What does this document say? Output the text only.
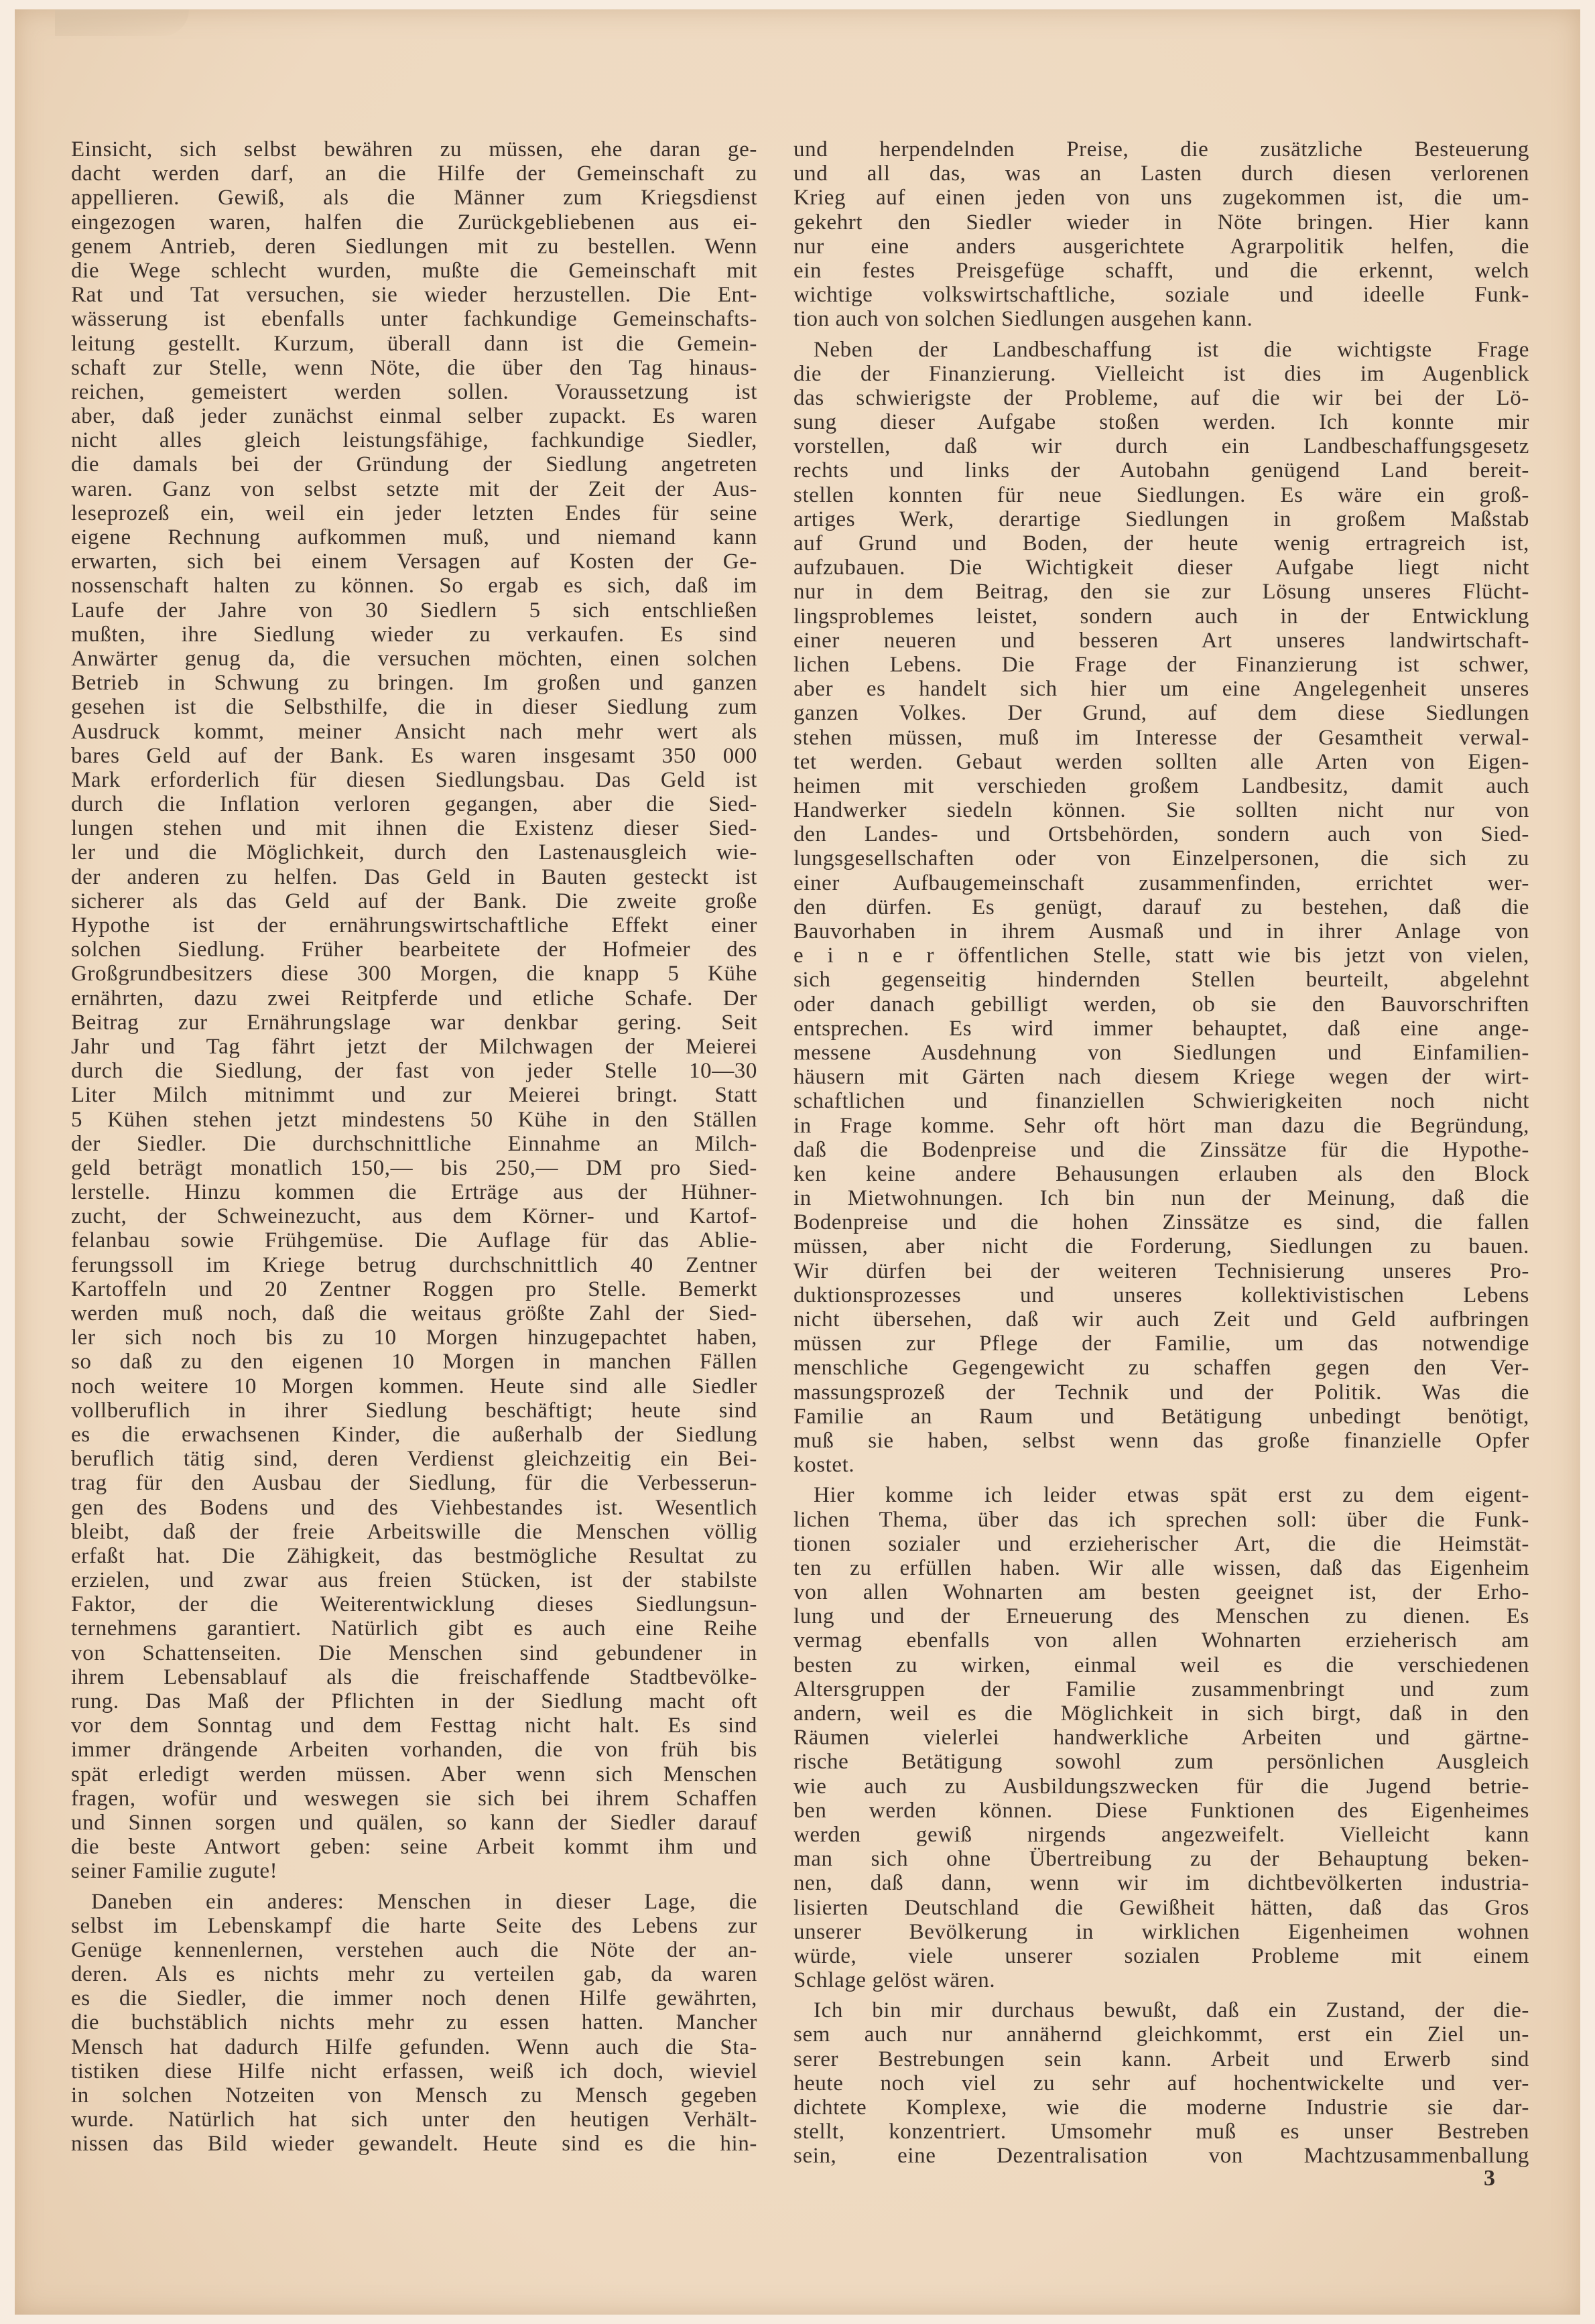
Einsicht, sich selbst bewähren zu müssen, ehe daran ge-
dacht werden darf, an die Hilfe der Gemeinschaft zu
appellieren. Gewiß, als die Männer zum Kriegsdienst
eingezogen waren, halfen die Zurückgebliebenen aus ei-
genem Antrieb, deren Siedlungen mit zu bestellen. Wenn
die Wege schlecht wurden, mußte die Gemeinschaft mit
Rat und Tat versuchen, sie wieder herzustellen. Die Ent-
wässerung ist ebenfalls unter fachkundige Gemeinschafts-
leitung gestellt. Kurzum, überall dann ist die Gemein-
schaft zur Stelle, wenn Nöte, die über den Tag hinaus-
reichen, gemeistert werden sollen. Voraussetzung ist
aber, daß jeder zunächst einmal selber zupackt. Es waren
nicht alles gleich leistungsfähige, fachkundige Siedler,
die damals bei der Gründung der Siedlung angetreten
waren. Ganz von selbst setzte mit der Zeit der Aus-
leseprozeß ein, weil ein jeder letzten Endes für seine
eigene Rechnung aufkommen muß, und niemand kann
erwarten, sich bei einem Versagen auf Kosten der Ge-
nossenschaft halten zu können. So ergab es sich, daß im
Laufe der Jahre von 30 Siedlern 5 sich entschließen
mußten, ihre Siedlung wieder zu verkaufen. Es sind
Anwärter genug da, die versuchen möchten, einen solchen
Betrieb in Schwung zu bringen. Im großen und ganzen
gesehen ist die Selbsthilfe, die in dieser Siedlung zum
Ausdruck kommt, meiner Ansicht nach mehr wert als
bares Geld auf der Bank. Es waren insgesamt 350 000
Mark erforderlich für diesen Siedlungsbau. Das Geld ist
durch die Inflation verloren gegangen, aber die Sied-
lungen stehen und mit ihnen die Existenz dieser Sied-
ler und die Möglichkeit, durch den Lastenausgleich wie-
der anderen zu helfen. Das Geld in Bauten gesteckt ist
sicherer als das Geld auf der Bank. Die zweite große
Hypothe ist der ernährungswirtschaftliche Effekt einer
solchen Siedlung. Früher bearbeitete der Hofmeier des
Großgrundbesitzers diese 300 Morgen, die knapp 5 Kühe
ernährten, dazu zwei Reitpferde und etliche Schafe. Der
Beitrag zur Ernährungslage war denkbar gering. Seit
Jahr und Tag fährt jetzt der Milchwagen der Meierei
durch die Siedlung, der fast von jeder Stelle 10—30
Liter Milch mitnimmt und zur Meierei bringt. Statt
5 Kühen stehen jetzt mindestens 50 Kühe in den Ställen
der Siedler. Die durchschnittliche Einnahme an Milch-
geld beträgt monatlich 150,— bis 250,— DM pro Sied-
lerstelle. Hinzu kommen die Erträge aus der Hühner-
zucht, der Schweinezucht, aus dem Körner- und Kartof-
felanbau sowie Frühgemüse. Die Auflage für das Ablie-
ferungssoll im Kriege betrug durchschnittlich 40 Zentner
Kartoffeln und 20 Zentner Roggen pro Stelle. Bemerkt
werden muß noch, daß die weitaus größte Zahl der Sied-
ler sich noch bis zu 10 Morgen hinzugepachtet haben,
so daß zu den eigenen 10 Morgen in manchen Fällen
noch weitere 10 Morgen kommen. Heute sind alle Siedler
vollberuflich in ihrer Siedlung beschäftigt; heute sind
es die erwachsenen Kinder, die außerhalb der Siedlung
beruflich tätig sind, deren Verdienst gleichzeitig ein Bei-
trag für den Ausbau der Siedlung, für die Verbesserun-
gen des Bodens und des Viehbestandes ist. Wesentlich
bleibt, daß der freie Arbeitswille die Menschen völlig
erfaßt hat. Die Zähigkeit, das bestmögliche Resultat zu
erzielen, und zwar aus freien Stücken, ist der stabilste
Faktor, der die Weiterentwicklung dieses Siedlungsun-
ternehmens garantiert. Natürlich gibt es auch eine Reihe
von Schattenseiten. Die Menschen sind gebundener in
ihrem Lebensablauf als die freischaffende Stadtbevölke-
rung. Das Maß der Pflichten in der Siedlung macht oft
vor dem Sonntag und dem Festtag nicht halt. Es sind
immer drängende Arbeiten vorhanden, die von früh bis
spät erledigt werden müssen. Aber wenn sich Menschen
fragen, wofür und weswegen sie sich bei ihrem Schaffen
und Sinnen sorgen und quälen, so kann der Siedler darauf
die beste Antwort geben: seine Arbeit kommt ihm und
seiner Familie zugute!
Daneben ein anderes: Menschen in dieser Lage, die
selbst im Lebenskampf die harte Seite des Lebens zur
Genüge kennenlernen, verstehen auch die Nöte der an-
deren. Als es nichts mehr zu verteilen gab, da waren
es die Siedler, die immer noch denen Hilfe gewährten,
die buchstäblich nichts mehr zu essen hatten. Mancher
Mensch hat dadurch Hilfe gefunden. Wenn auch die Sta-
tistiken diese Hilfe nicht erfassen, weiß ich doch, wieviel
in solchen Notzeiten von Mensch zu Mensch gegeben
wurde. Natürlich hat sich unter den heutigen Verhält-
nissen das Bild wieder gewandelt. Heute sind es die hin-
und herpendelnden Preise, die zusätzliche Besteuerung
und all das, was an Lasten durch diesen verlorenen
Krieg auf einen jeden von uns zugekommen ist, die um-
gekehrt den Siedler wieder in Nöte bringen. Hier kann
nur eine anders ausgerichtete Agrarpolitik helfen, die
ein festes Preisgefüge schafft, und die erkennt, welch
wichtige volkswirtschaftliche, soziale und ideelle Funk-
tion auch von solchen Siedlungen ausgehen kann.
Neben der Landbeschaffung ist die wichtigste Frage
die der Finanzierung. Vielleicht ist dies im Augenblick
das schwierigste der Probleme, auf die wir bei der Lö-
sung dieser Aufgabe stoßen werden. Ich konnte mir
vorstellen, daß wir durch ein Landbeschaffungsgesetz
rechts und links der Autobahn genügend Land bereit-
stellen konnten für neue Siedlungen. Es wäre ein groß-
artiges Werk, derartige Siedlungen in großem Maßstab
auf Grund und Boden, der heute wenig ertragreich ist,
aufzubauen. Die Wichtigkeit dieser Aufgabe liegt nicht
nur in dem Beitrag, den sie zur Lösung unseres Flücht-
lingsproblemes leistet, sondern auch in der Entwicklung
einer neueren und besseren Art unseres landwirtschaft-
lichen Lebens. Die Frage der Finanzierung ist schwer,
aber es handelt sich hier um eine Angelegenheit unseres
ganzen Volkes. Der Grund, auf dem diese Siedlungen
stehen müssen, muß im Interesse der Gesamtheit verwal-
tet werden. Gebaut werden sollten alle Arten von Eigen-
heimen mit verschieden großem Landbesitz, damit auch
Handwerker siedeln können. Sie sollten nicht nur von
den Landes- und Ortsbehörden, sondern auch von Sied-
lungsgesellschaften oder von Einzelpersonen, die sich zu
einer Aufbaugemeinschaft zusammenfinden, errichtet wer-
den dürfen. Es genügt, darauf zu bestehen, daß die
Bauvorhaben in ihrem Ausmaß und in ihrer Anlage von
e i n e r öffentlichen Stelle, statt wie bis jetzt von vielen,
sich gegenseitig hindernden Stellen beurteilt, abgelehnt
oder danach gebilligt werden, ob sie den Bauvorschriften
entsprechen. Es wird immer behauptet, daß eine ange-
messene Ausdehnung von Siedlungen und Einfamilien-
häusern mit Gärten nach diesem Kriege wegen der wirt-
schaftlichen und finanziellen Schwierigkeiten noch nicht
in Frage komme. Sehr oft hört man dazu die Begründung,
daß die Bodenpreise und die Zinssätze für die Hypothe-
ken keine andere Behausungen erlauben als den Block
in Mietwohnungen. Ich bin nun der Meinung, daß die
Bodenpreise und die hohen Zinssätze es sind, die fallen
müssen, aber nicht die Forderung, Siedlungen zu bauen.
Wir dürfen bei der weiteren Technisierung unseres Pro-
duktionsprozesses und unseres kollektivistischen Lebens
nicht übersehen, daß wir auch Zeit und Geld aufbringen
müssen zur Pflege der Familie, um das notwendige
menschliche Gegengewicht zu schaffen gegen den Ver-
massungsprozeß der Technik und der Politik. Was die
Familie an Raum und Betätigung unbedingt benötigt,
muß sie haben, selbst wenn das große finanzielle Opfer
kostet.
Hier komme ich leider etwas spät erst zu dem eigent-
lichen Thema, über das ich sprechen soll: über die Funk-
tionen sozialer und erzieherischer Art, die die Heimstät-
ten zu erfüllen haben. Wir alle wissen, daß das Eigenheim
von allen Wohnarten am besten geeignet ist, der Erho-
lung und der Erneuerung des Menschen zu dienen. Es
vermag ebenfalls von allen Wohnarten erzieherisch am
besten zu wirken, einmal weil es die verschiedenen
Altersgruppen der Familie zusammenbringt und zum
andern, weil es die Möglichkeit in sich birgt, daß in den
Räumen vielerlei handwerkliche Arbeiten und gärtne-
rische Betätigung sowohl zum persönlichen Ausgleich
wie auch zu Ausbildungszwecken für die Jugend betrie-
ben werden können. Diese Funktionen des Eigenheimes
werden gewiß nirgends angezweifelt. Vielleicht kann
man sich ohne Übertreibung zu der Behauptung beken-
nen, daß dann, wenn wir im dichtbevölkerten industria-
lisierten Deutschland die Gewißheit hätten, daß das Gros
unserer Bevölkerung in wirklichen Eigenheimen wohnen
würde, viele unserer sozialen Probleme mit einem
Schlage gelöst wären.
Ich bin mir durchaus bewußt, daß ein Zustand, der die-
sem auch nur annähernd gleichkommt, erst ein Ziel un-
serer Bestrebungen sein kann. Arbeit und Erwerb sind
heute noch viel zu sehr auf hochentwickelte und ver-
dichtete Komplexe, wie die moderne Industrie sie dar-
stellt, konzentriert. Umsomehr muß es unser Bestreben
sein, eine Dezentralisation von Machtzusammenballung
3
